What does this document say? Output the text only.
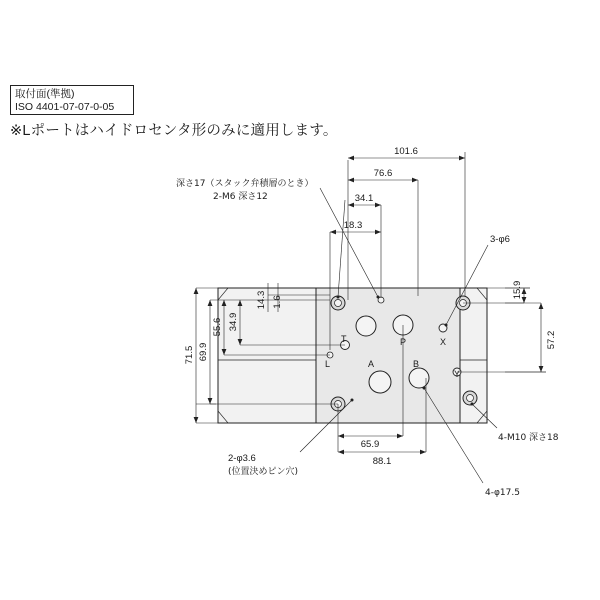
取付面(準拠)
ISO 4401-07-07-0-05
※Lポートはハイドロセンタ形のみに適用します。
101.6
76.6
34.1
18.3
14.3 1.6
71.5 69.9
55.6 34.9
15.9
57.2
65.9
88.1
深さ17（スタック弁積層のとき）
2-M6 深さ12
3-φ6
4-M10 深さ18
4-φ17.5
2-φ3.6
(位置決めピン穴)
T
L	A
P
B
X
Y
